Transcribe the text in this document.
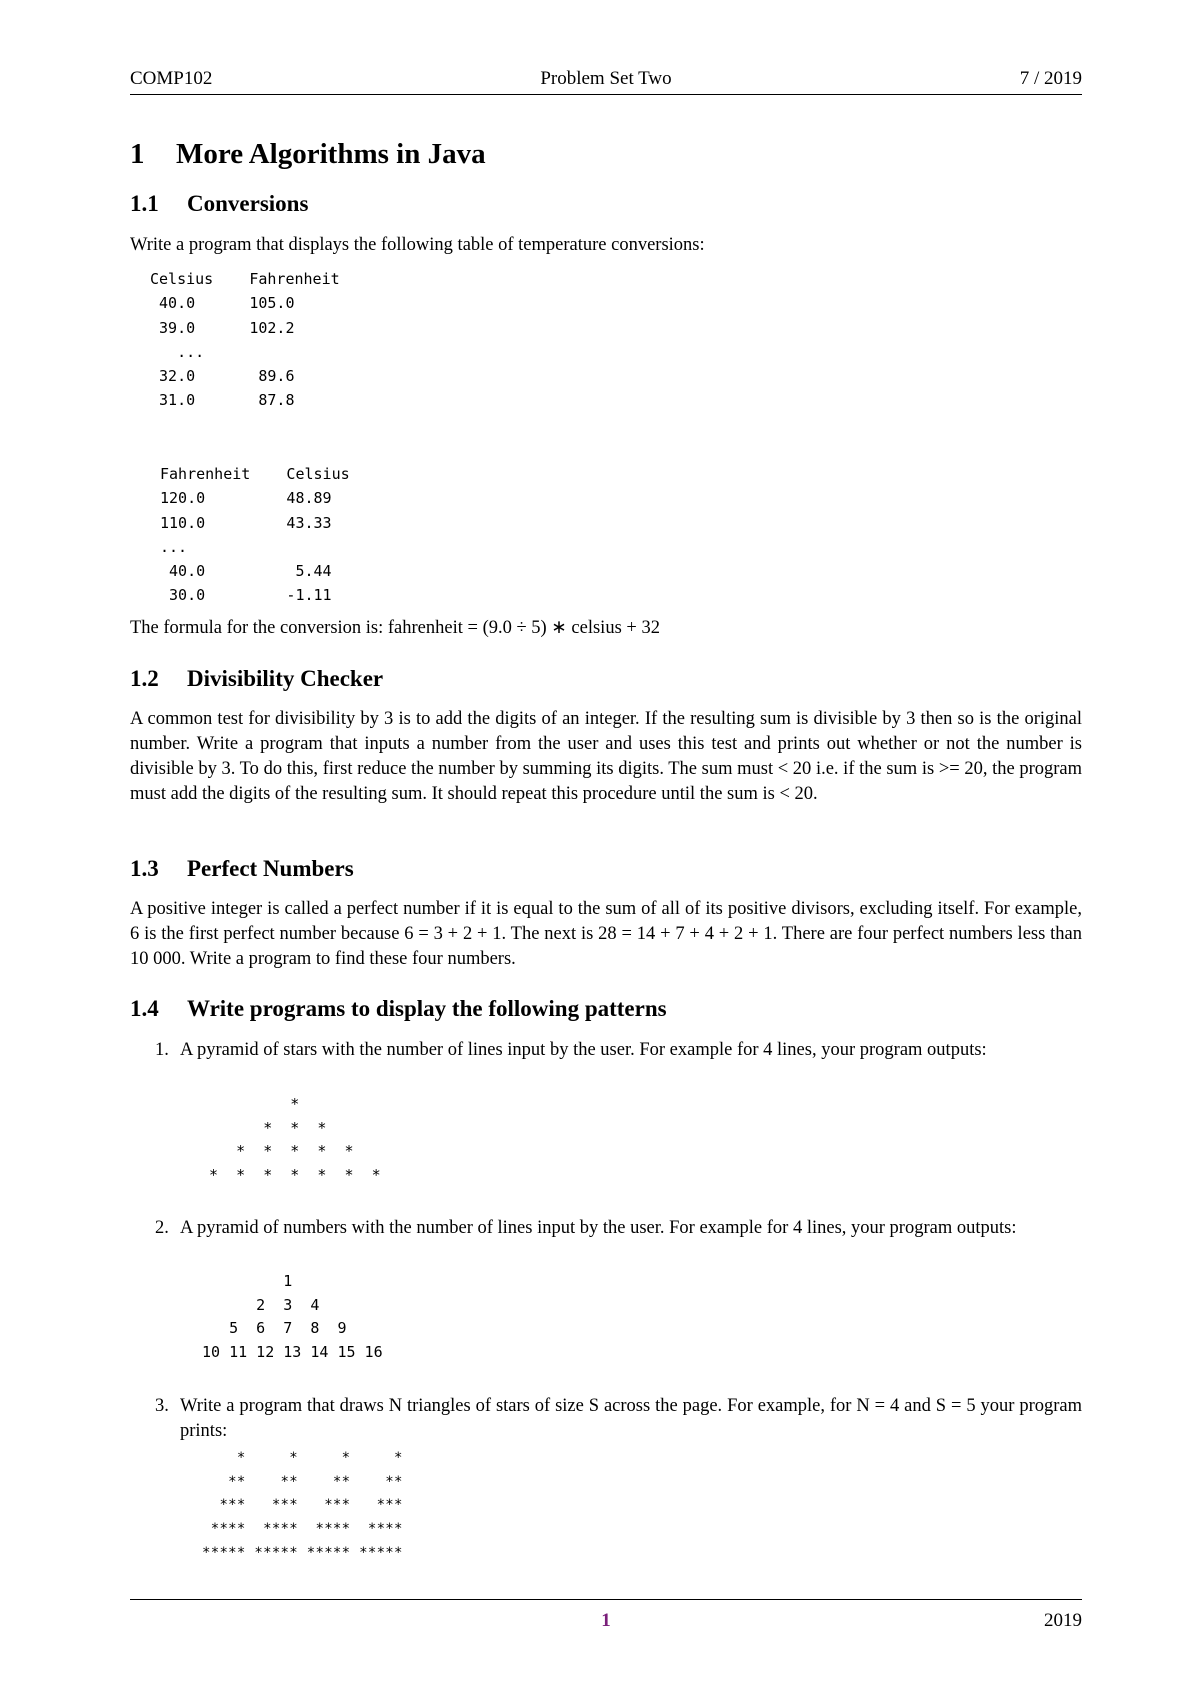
COMP102	Problem Set Two	7 / 2019
1 More Algorithms in Java
1.1 Conversions
Write a program that displays the following table of temperature conversions:
Celsius    Fahrenheit
40.0      105.0
39.0      102.2
...
32.0       89.6
31.0       87.8
Fahrenheit    Celsius
120.0         48.89
110.0         43.33
...
40.0          5.44
30.0         -1.11
The formula for the conversion is: fahrenheit = (9.0 ÷ 5) ∗ celsius + 32
1.2 Divisibility Checker
A common test for divisibility by 3 is to add the digits of an integer. If the resulting sum is divisible by 3 then so is the original number. Write a program that inputs a number from the user and uses this test and prints out whether or not the number is divisible by 3. To do this, first reduce the number by summing its digits. The sum must < 20 i.e. if the sum is >= 20, the program must add the digits of the resulting sum. It should repeat this procedure until the sum is < 20.
1.3 Perfect Numbers
A positive integer is called a perfect number if it is equal to the sum of all of its positive divisors, excluding itself. For example, 6 is the first perfect number because 6 = 3 + 2 + 1. The next is 28 = 14 + 7 + 4 + 2 + 1. There are four perfect numbers less than 10 000. Write a program to find these four numbers.
1.4 Write programs to display the following patterns
1. A pyramid of stars with the number of lines input by the user. For example for 4 lines, your program outputs:
*
*  *  *
*  *  *  *  *
*  *  *  *  *  *  *
2. A pyramid of numbers with the number of lines input by the user. For example for 4 lines, your program outputs:
1
2  3  4
5  6  7  8  9
10 11 12 13 14 15 16
3. Write a program that draws N triangles of stars of size S across the page. For example, for N = 4 and S = 5 your program prints:
*     *     *     *
**    **    **    **
***   ***   ***   ***
****  ****  ****  ****
***** ***** ***** *****
1	2019
